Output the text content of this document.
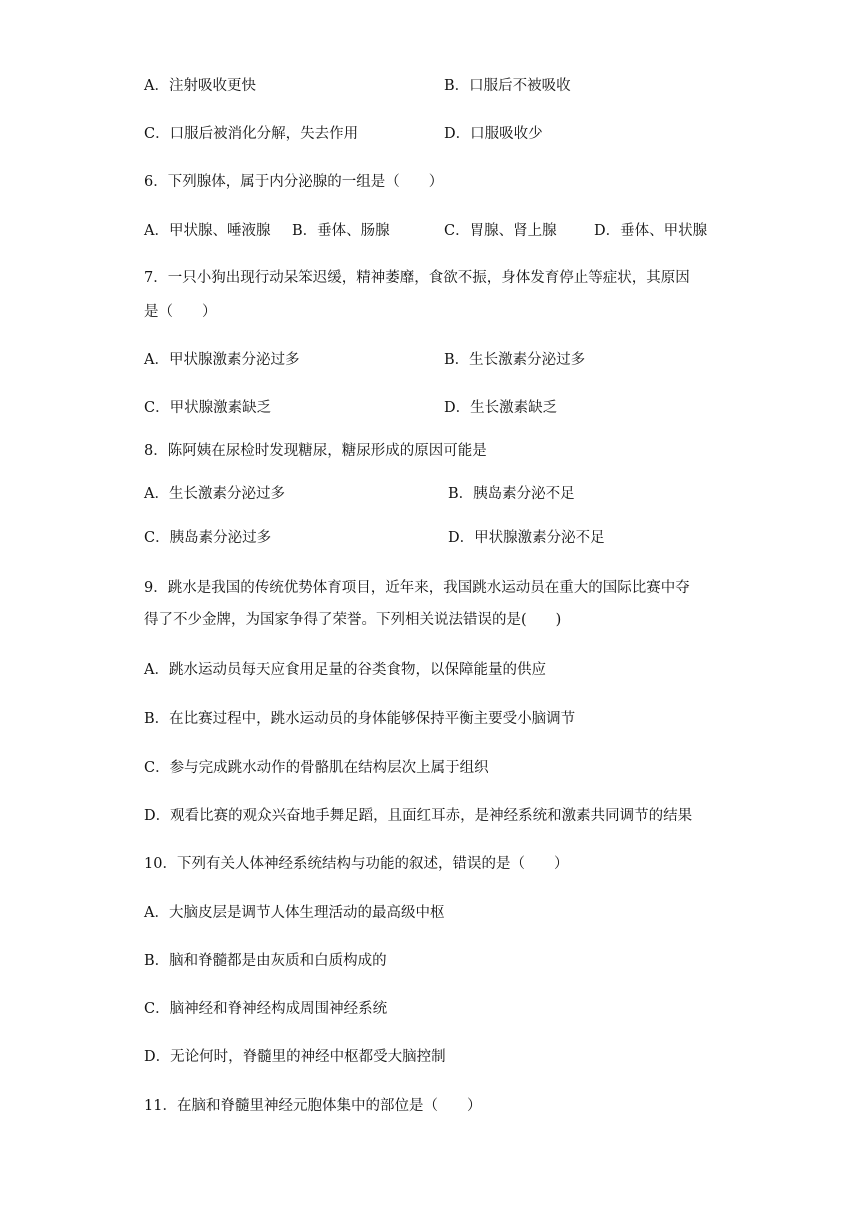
A．注射吸收更快	B．口服后不被吸收
C．口服后被消化分解，失去作用	D．口服吸收少
6．下列腺体，属于内分泌腺的一组是（　　）
A．甲状腺、唾液腺 B．垂体、肠腺	C．胃腺、肾上腺	D．垂体、甲状腺
7．一只小狗出现行动呆笨迟缓，精神萎靡，食欲不振，身体发育停止等症状，其原因
是（　　）
A．甲状腺激素分泌过多	B．生长激素分泌过多
C．甲状腺激素缺乏	D．生长激素缺乏
8．陈阿姨在尿检时发现糖尿，糖尿形成的原因可能是
A．生长激素分泌过多	B．胰岛素分泌不足
C．胰岛素分泌过多	D．甲状腺激素分泌不足
9．跳水是我国的传统优势体育项目，近年来，我国跳水运动员在重大的国际比赛中夺
得了不少金牌，为国家争得了荣誉。下列相关说法错误的是(　　)
A．跳水运动员每天应食用足量的谷类食物，以保障能量的供应
B．在比赛过程中，跳水运动员的身体能够保持平衡主要受小脑调节
C．参与完成跳水动作的骨骼肌在结构层次上属于组织
D．观看比赛的观众兴奋地手舞足蹈，且面红耳赤，是神经系统和激素共同调节的结果
10．下列有关人体神经系统结构与功能的叙述，错误的是（　　）
A．大脑皮层是调节人体生理活动的最高级中枢
B．脑和脊髓都是由灰质和白质构成的
C．脑神经和脊神经构成周围神经系统
D．无论何时，脊髓里的神经中枢都受大脑控制
11．在脑和脊髓里神经元胞体集中的部位是（　　）
